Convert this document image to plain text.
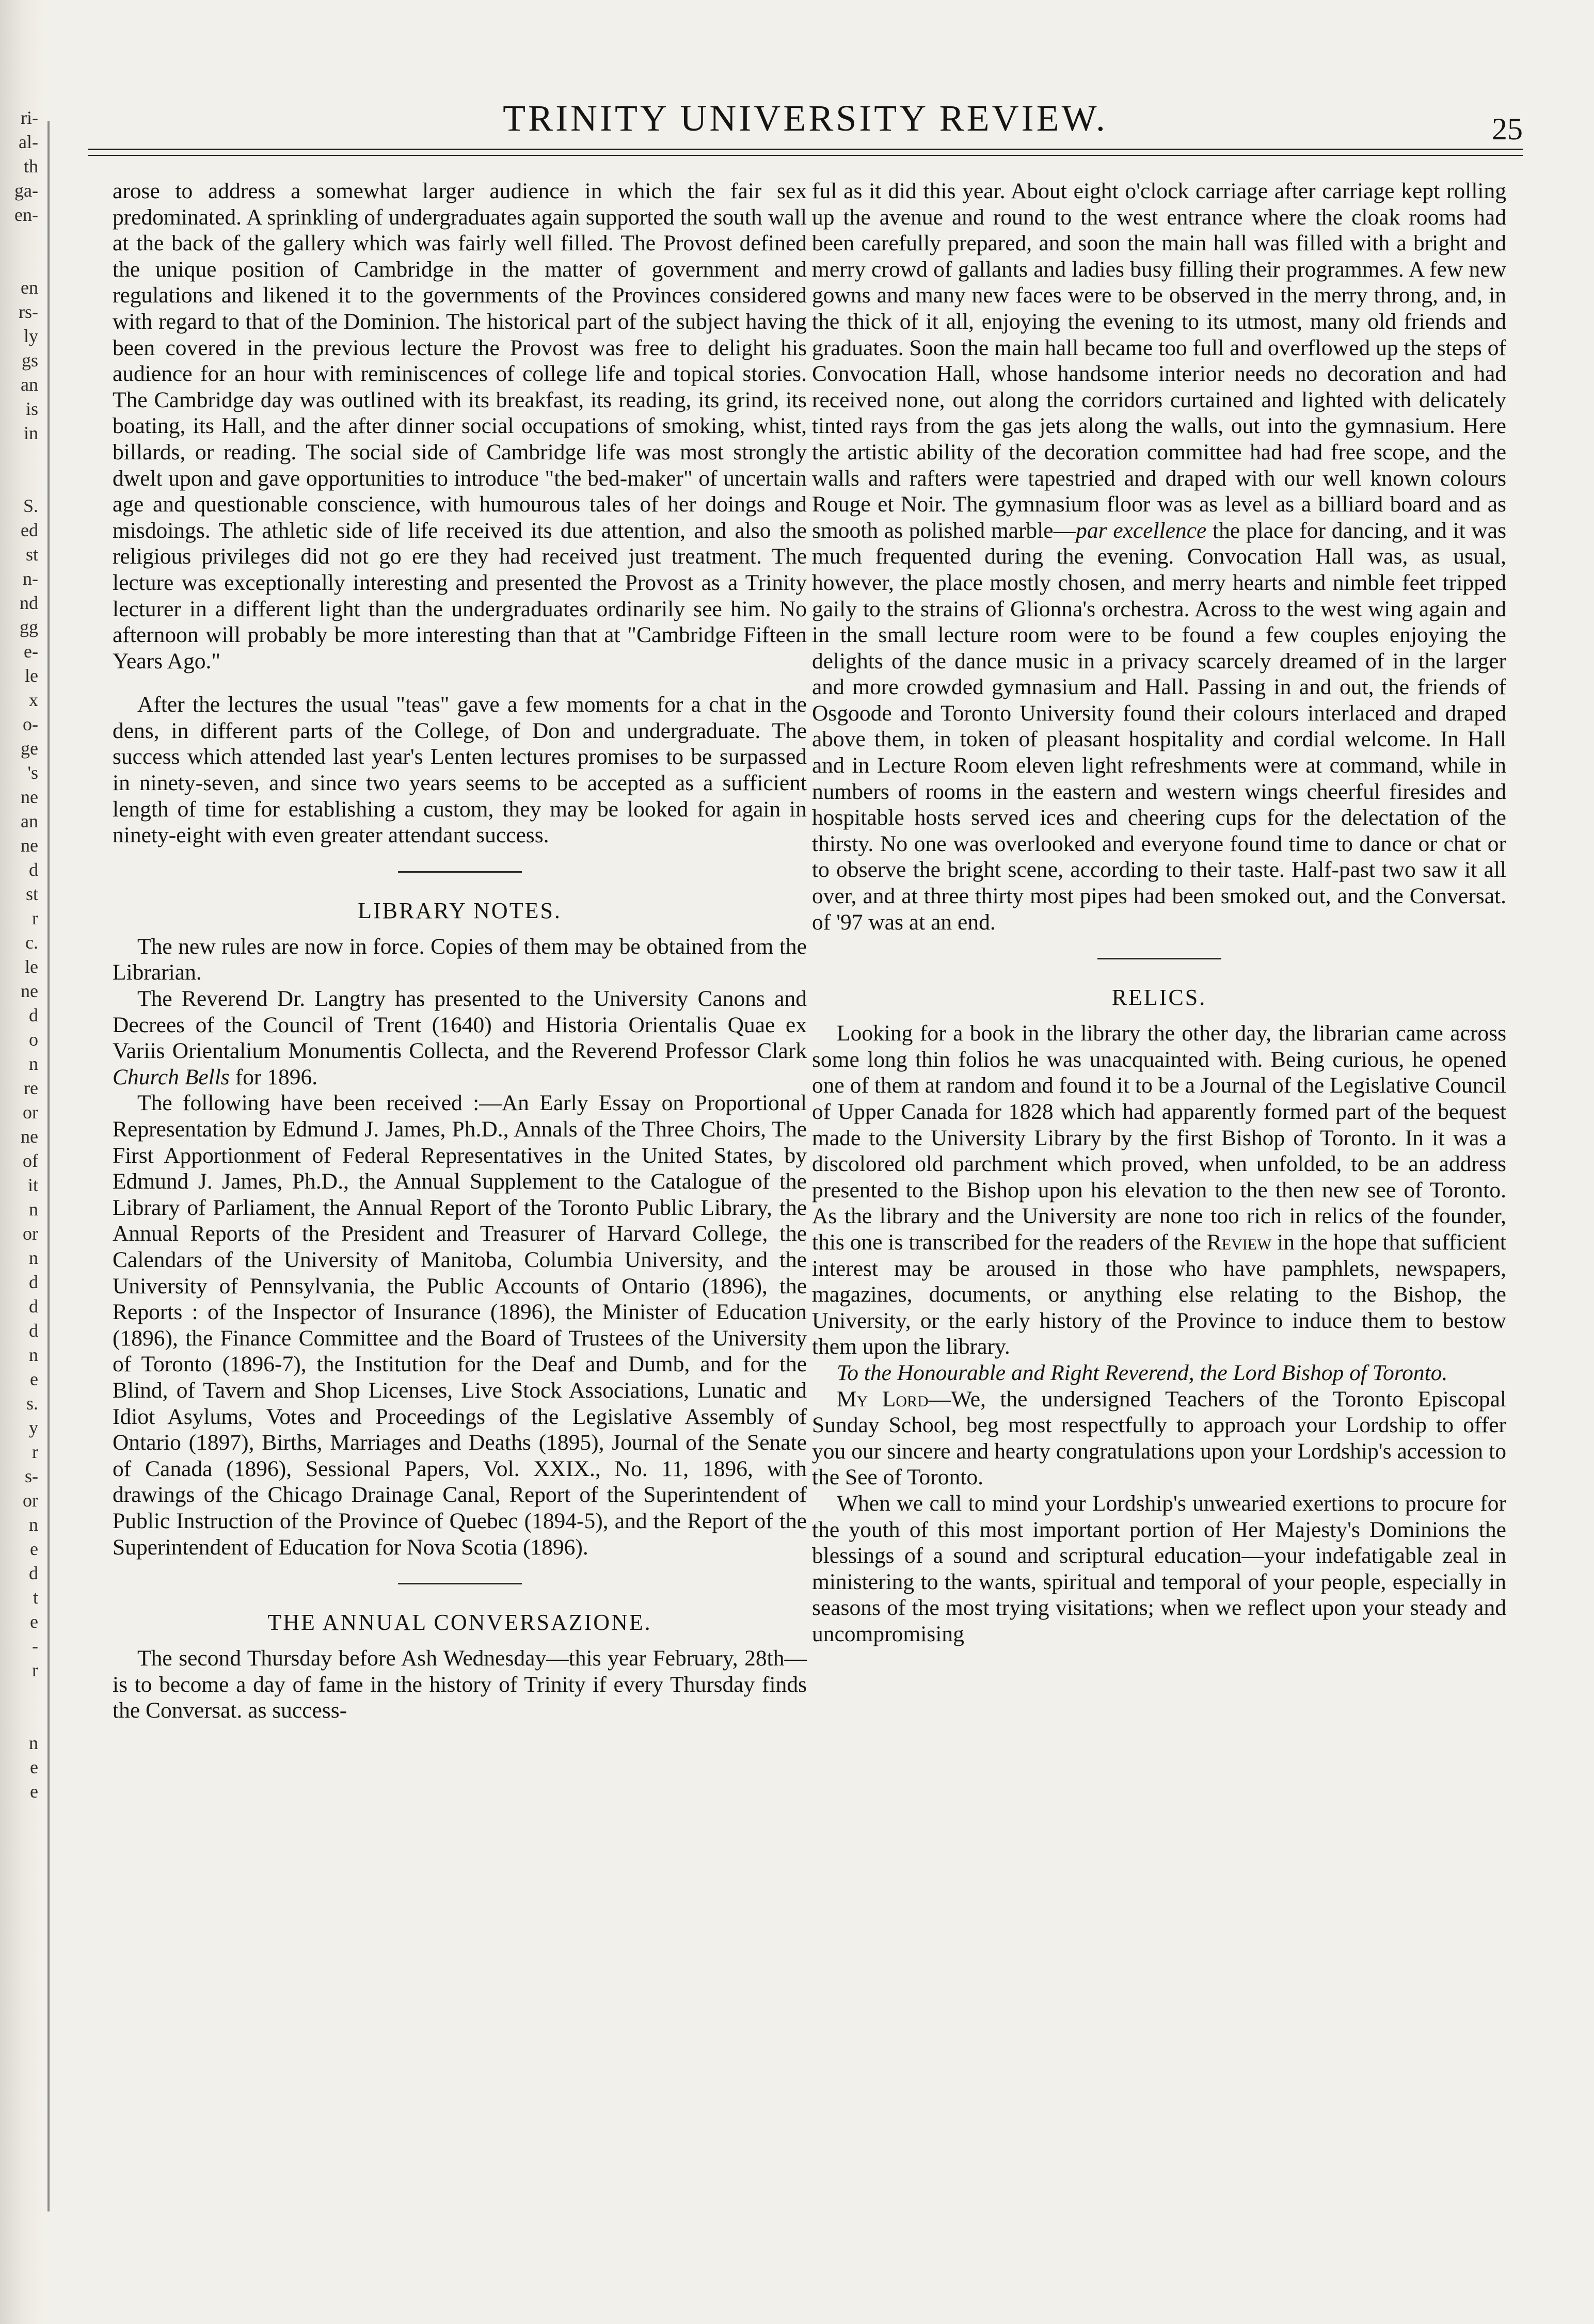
ri-
al-
th
ga-
en-

en
rs-
ly
gs
an
is
in

S.
ed
st
n-
nd
gg
e-
le
x
o-
ge
's
ne
an
ne
d
st
r
c.
le
ne
d
o
n
re
or
ne
of
it
n
or
n
d
d
d
n
e
s.
y
r
s-
or
n
e
d
t
e
-
r

n
e
e
TRINITY UNIVERSITY REVIEW.	25

arose to address a somewhat larger audience in which the fair sex predominated. A sprinkling of undergraduates again supported the south wall at the back of the gallery which was fairly well filled. The Provost defined the unique position of Cambridge in the matter of government and regulations and likened it to the governments of the Provinces considered with regard to that of the Dominion. The historical part of the subject having been covered in the previous lecture the Provost was free to delight his audience for an hour with reminiscences of college life and topical stories. The Cambridge day was outlined with its breakfast, its reading, its grind, its boating, its Hall, and the after dinner social occupations of smoking, whist, billards, or reading. The social side of Cambridge life was most strongly dwelt upon and gave opportunities to introduce "the bed-maker" of uncertain age and questionable conscience, with humourous tales of her doings and misdoings. The athletic side of life received its due attention, and also the religious privileges did not go ere they had received just treatment. The lecture was exceptionally interesting and presented the Provost as a Trinity lecturer in a different light than the undergraduates ordinarily see him. No afternoon will probably be more interesting than that at "Cambridge Fifteen Years Ago."

After the lectures the usual "teas" gave a few moments for a chat in the dens, in different parts of the College, of Don and undergraduate. The success which attended last year's Lenten lectures promises to be surpassed in ninety-seven, and since two years seems to be accepted as a sufficient length of time for establishing a custom, they may be looked for again in ninety-eight with even greater attendant success.

LIBRARY NOTES.

The new rules are now in force. Copies of them may be obtained from the Librarian.

The Reverend Dr. Langtry has presented to the University Canons and Decrees of the Council of Trent (1640) and Historia Orientalis Quae ex Variis Orientalium Monumentis Collecta, and the Reverend Professor Clark Church Bells for 1896.

The following have been received :—An Early Essay on Proportional Representation by Edmund J. James, Ph.D., Annals of the Three Choirs, The First Apportionment of Federal Representatives in the United States, by Edmund J. James, Ph.D., the Annual Supplement to the Catalogue of the Library of Parliament, the Annual Report of the Toronto Public Library, the Annual Reports of the President and Treasurer of Harvard College, the Calendars of the University of Manitoba, Columbia University, and the University of Pennsylvania, the Public Accounts of Ontario (1896), the Reports : of the Inspector of Insurance (1896), the Minister of Education (1896), the Finance Committee and the Board of Trustees of the University of Toronto (1896-7), the Institution for the Deaf and Dumb, and for the Blind, of Tavern and Shop Licenses, Live Stock Associations, Lunatic and Idiot Asylums, Votes and Proceedings of the Legislative Assembly of Ontario (1897), Births, Marriages and Deaths (1895), Journal of the Senate of Canada (1896), Sessional Papers, Vol. XXIX., No. 11, 1896, with drawings of the Chicago Drainage Canal, Report of the Superintendent of Public Instruction of the Province of Quebec (1894-5), and the Report of the Superintendent of Education for Nova Scotia (1896).

THE ANNUAL CONVERSAZIONE.

The second Thursday before Ash Wednesday—this year February, 28th—is to become a day of fame in the history of Trinity if every Thursday finds the Conversat. as success-

ful as it did this year. About eight o'clock carriage after carriage kept rolling up the avenue and round to the west entrance where the cloak rooms had been carefully prepared, and soon the main hall was filled with a bright and merry crowd of gallants and ladies busy filling their programmes. A few new gowns and many new faces were to be observed in the merry throng, and, in the thick of it all, enjoying the evening to its utmost, many old friends and graduates. Soon the main hall became too full and overflowed up the steps of Convocation Hall, whose handsome interior needs no decoration and had received none, out along the corridors curtained and lighted with delicately tinted rays from the gas jets along the walls, out into the gymnasium. Here the artistic ability of the decoration committee had had free scope, and the walls and rafters were tapestried and draped with our well known colours Rouge et Noir. The gymnasium floor was as level as a billiard board and as smooth as polished marble—par excellence the place for dancing, and it was much frequented during the evening. Convocation Hall was, as usual, however, the place mostly chosen, and merry hearts and nimble feet tripped gaily to the strains of Glionna's orchestra. Across to the west wing again and in the small lecture room were to be found a few couples enjoying the delights of the dance music in a privacy scarcely dreamed of in the larger and more crowded gymnasium and Hall. Passing in and out, the friends of Osgoode and Toronto University found their colours interlaced and draped above them, in token of pleasant hospitality and cordial welcome. In Hall and in Lecture Room eleven light refreshments were at command, while in numbers of rooms in the eastern and western wings cheerful firesides and hospitable hosts served ices and cheering cups for the delectation of the thirsty. No one was overlooked and everyone found time to dance or chat or to observe the bright scene, according to their taste. Half-past two saw it all over, and at three thirty most pipes had been smoked out, and the Conversat. of '97 was at an end.

RELICS.

Looking for a book in the library the other day, the librarian came across some long thin folios he was unacquainted with. Being curious, he opened one of them at random and found it to be a Journal of the Legislative Council of Upper Canada for 1828 which had apparently formed part of the bequest made to the University Library by the first Bishop of Toronto. In it was a discolored old parchment which proved, when unfolded, to be an address presented to the Bishop upon his elevation to the then new see of Toronto. As the library and the University are none too rich in relics of the founder, this one is transcribed for the readers of the Review in the hope that sufficient interest may be aroused in those who have pamphlets, newspapers, magazines, documents, or anything else relating to the Bishop, the University, or the early history of the Province to induce them to bestow them upon the library.

To the Honourable and Right Reverend, the Lord Bishop of Toronto.

My Lord—We, the undersigned Teachers of the Toronto Episcopal Sunday School, beg most respectfully to approach your Lordship to offer you our sincere and hearty congratulations upon your Lordship's accession to the See of Toronto.

When we call to mind your Lordship's unwearied exertions to procure for the youth of this most important portion of Her Majesty's Dominions the blessings of a sound and scriptural education—your indefatigable zeal in ministering to the wants, spiritual and temporal of your people, especially in seasons of the most trying visitations; when we reflect upon your steady and uncompromising
